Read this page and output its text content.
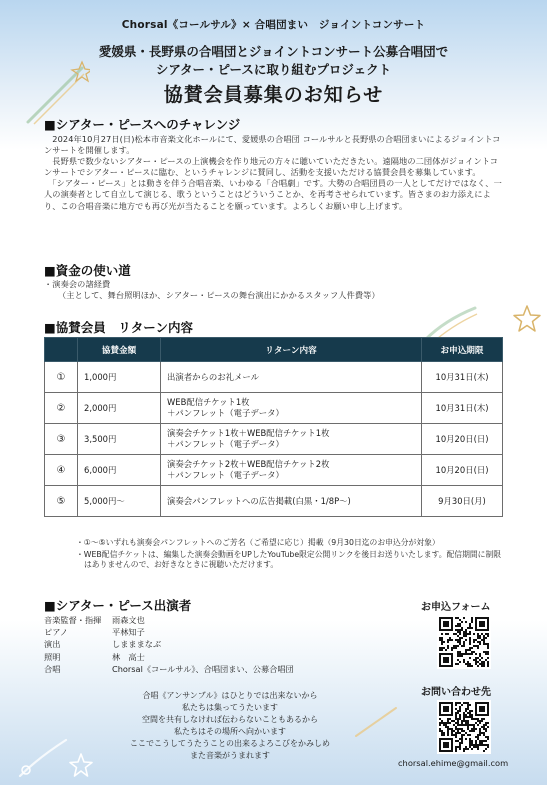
Chorsal《コールサル》× 合唱団まい　ジョイントコンサート
愛媛県・長野県の合唱団とジョイントコンサート公募合唱団で
シアター・ピースに取り組むプロジェクト
協賛会員募集のお知らせ
■シアター・ピースへのチャレンジ

　2024年10月27日(日)松本市音楽文化ホールにて、愛媛県の合唱団 コールサルと長野県の合唱団まいによるジョイントコンサートを開催します。

　長野県で数少ないシアター・ピースの上演機会を作り地元の方々に聴いていただきたい。遠隔地の二団体がジョイントコンサートでシアター・ピースに臨む、というチャレンジに賛同し、活動を支援いただける協賛会員を募集しています。

　「シアター・ピース」とは動きを伴う合唱音楽、いわゆる「合唱劇」です。大勢の合唱団員の一人としてだけではなく、一人の演奏者として自立して演じる、歌うということはどういうことか、を再考させられています。皆さまのお力添えにより、この合唱音楽に地方でも再び光が当たることを願っています。よろしくお願い申し上げます。

■資金の使い道

・演奏会の諸経費

（主として、舞台照明ほか、シアター・ピースの舞台演出にかかるスタッフ人件費等）

■協賛会員　リターン内容
	協賛金額	リターン内容	お申込期限
①	1,000円	出演者からのお礼メール	10月31日(木)
②	2,000円	WEB配信チケット1枚
＋パンフレット（電子データ）	10月31日(木)
③	3,500円	演奏会チケット1枚＋WEB配信チケット1枚
＋パンフレット（電子データ）	10月20日(日)
④	6,000円	演奏会チケット2枚＋WEB配信チケット2枚
＋パンフレット（電子データ）	10月20日(日)
⑤	5,000円〜	演奏会パンフレットへの広告掲載(白黒・1/8P〜)	9月30日(月)

・①〜⑤いずれも演奏会パンフレットへのご芳名（ご希望に応じ）掲載（9月30日迄のお申込分が対象）

・WEB配信チケットは、編集した演奏会動画をUPしたYouTube限定公開リンクを後日お送りいたします。配信期間に制限はありませんので、お好きなときに視聴いただけます。

■シアター・ピース出演者
音楽監督・指揮	雨森文也
ピアノ	平林知子
演出	しまままなぶ
照明	林　高士
合唱	Chorsal《コールサル》、合唱団まい、公募合唱団
合唱《アンサンブル》はひとりでは出来ないから
私たちは集ってうたいます
空間を共有しなければ伝わらないこともあるから
私たちはその場所へ向かいます
ここでこうしてうたうことの出来るよろこびをかみしめ
また音楽がうまれます
お申込フォーム
お問い合わせ先
chorsal.ehime@gmail.com
